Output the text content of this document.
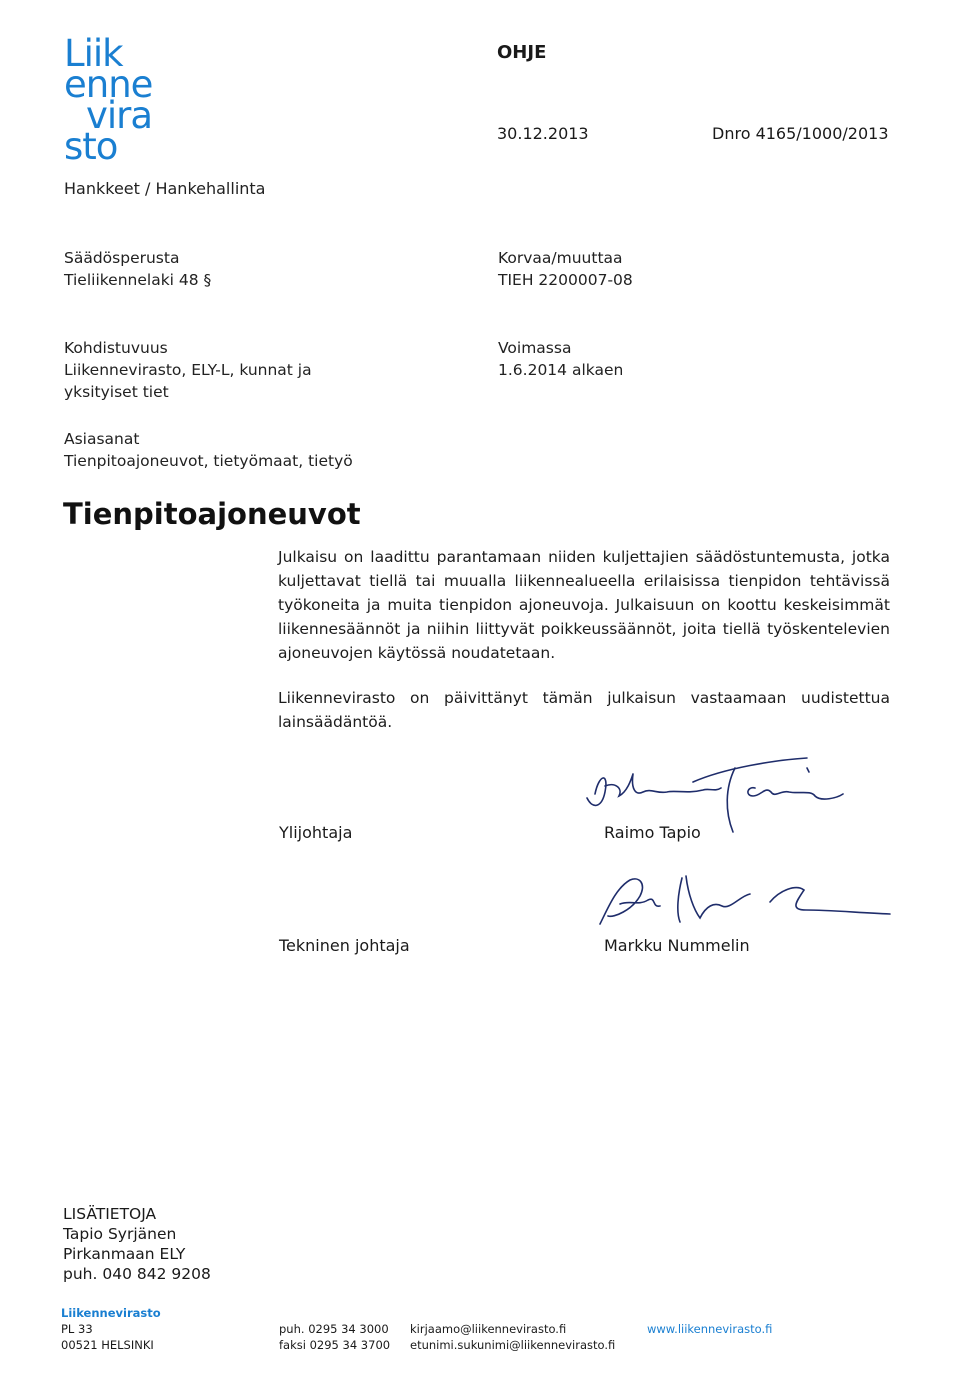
Liik
enne
vira
sto
OHJE
30.12.2013	Dnro 4165/1000/2013
Hankkeet / Hankehallinta
Säädösperusta
Tieliikennelaki 48 §
Korvaa/muuttaa
TIEH 2200007-08
Kohdistuvuus
Liikennevirasto, ELY-L, kunnat ja
yksityiset tiet
Voimassa
1.6.2014 alkaen
Asiasanat
Tienpitoajoneuvot, tietyömaat, tietyö
Tienpitoajoneuvot
Julkaisu on laadittu parantamaan niiden kuljettajien säädöstuntemusta, jotka kuljettavat tiellä tai muualla liikennealueella erilaisissa tienpidon tehtävissä työkoneita ja muita tienpidon ajoneuvoja. Julkaisuun on koottu keskeisimmät liikennesäännöt ja niihin liittyvät poikkeussäännöt, joita tiellä työskentelevien ajoneuvojen käytössä noudatetaan.
Liikennevirasto on päivittänyt tämän julkaisun vastaamaan uudistettua lainsäädäntöä.
Ylijohtaja	Raimo Tapio
Tekninen johtaja	Markku Nummelin
LISÄTIETOJA
Tapio Syrjänen
Pirkanmaan ELY
puh. 040 842 9208
Liikennevirasto
PL 33
00521 HELSINKI
puh. 0295 34 3000
faksi 0295 34 3700
kirjaamo@liikennevirasto.fi
etunimi.sukunimi@liikennevirasto.fi
www.liikennevirasto.fi
